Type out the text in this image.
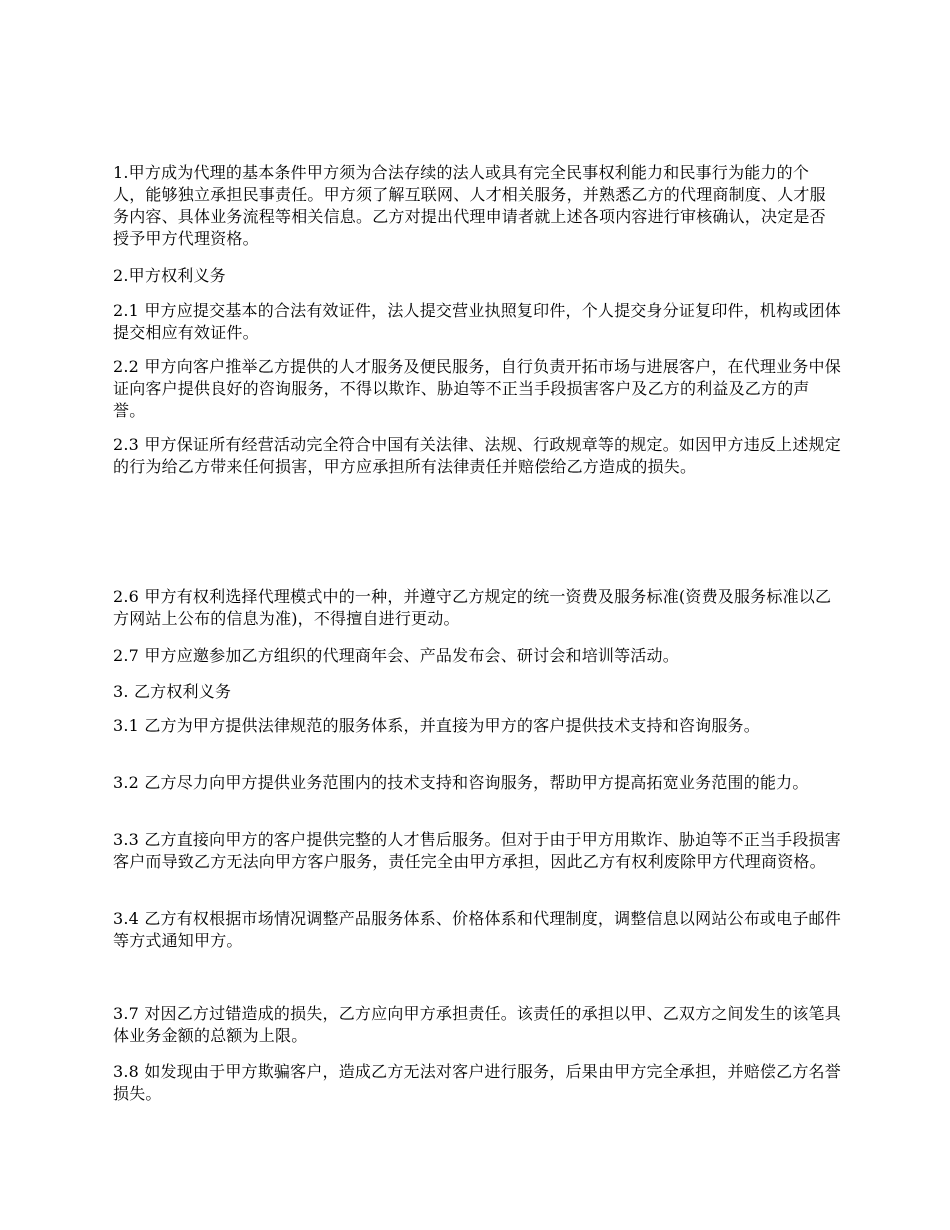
1.甲方成为代理的基本条件甲方须为合法存续的法人或具有完全民事权利能力和民事行为能力的个人，能够独立承担民事责任。甲方须了解互联网、人才相关服务，并熟悉乙方的代理商制度、人才服务内容、具体业务流程等相关信息。乙方对提出代理申请者就上述各项内容进行审核确认，决定是否授予甲方代理资格。

2.甲方权利义务

2.1 甲方应提交基本的合法有效证件，法人提交营业执照复印件，个人提交身分证复印件，机构或团体提交相应有效证件。

2.2 甲方向客户推举乙方提供的人才服务及便民服务，自行负责开拓市场与进展客户，在代理业务中保证向客户提供良好的咨询服务，不得以欺诈、胁迫等不正当手段损害客户及乙方的利益及乙方的声誉。

2.3 甲方保证所有经营活动完全符合中国有关法律、法规、行政规章等的规定。如因甲方违反上述规定的行为给乙方带来任何损害，甲方应承担所有法律责任并赔偿给乙方造成的损失。

2.6 甲方有权利选择代理模式中的一种，并遵守乙方规定的统一资费及服务标准(资费及服务标准以乙方网站上公布的信息为准)，不得擅自进行更动。

2.7 甲方应邀参加乙方组织的代理商年会、产品发布会、研讨会和培训等活动。

3. 乙方权利义务

3.1 乙方为甲方提供法律规范的服务体系，并直接为甲方的客户提供技术支持和咨询服务。

3.2 乙方尽力向甲方提供业务范围内的技术支持和咨询服务，帮助甲方提高拓宽业务范围的能力。

3.3 乙方直接向甲方的客户提供完整的人才售后服务。但对于由于甲方用欺诈、胁迫等不正当手段损害客户而导致乙方无法向甲方客户服务，责任完全由甲方承担，因此乙方有权利废除甲方代理商资格。

3.4 乙方有权根据市场情况调整产品服务体系、价格体系和代理制度，调整信息以网站公布或电子邮件等方式通知甲方。

3.7 对因乙方过错造成的损失，乙方应向甲方承担责任。该责任的承担以甲、乙双方之间发生的该笔具体业务金额的总额为上限。

3.8 如发现由于甲方欺骗客户，造成乙方无法对客户进行服务，后果由甲方完全承担，并赔偿乙方名誉损失。
